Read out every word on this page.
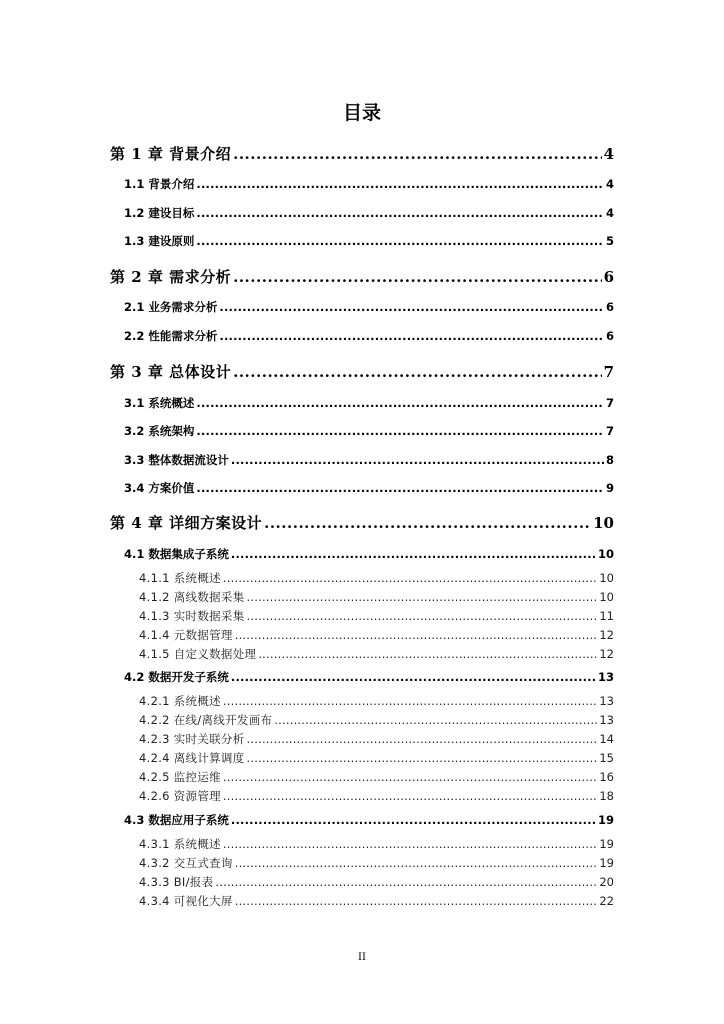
目录
第 1 章 背景介绍 .....	4
1.1 背景介绍 .....	4
1.2 建设目标 .....	4
1.3 建设原则 .....	5
第 2 章 需求分析 .....	6
2.1 业务需求分析 .....	6
2.2 性能需求分析 .....	6
第 3 章 总体设计 .....	7
3.1 系统概述 .....	7
3.2 系统架构 .....	7
3.3 整体数据流设计 .....	8
3.4 方案价值 .....	9
第 4 章 详细方案设计 .....	10
4.1 数据集成子系统 .....	10
4.1.1 系统概述 .....	10
4.1.2 离线数据采集 .....	10
4.1.3 实时数据采集 .....	11
4.1.4 元数据管理 .....	12
4.1.5 自定义数据处理 .....	12
4.2 数据开发子系统 .....	13
4.2.1 系统概述 .....	13
4.2.2 在线/离线开发画布 .....	13
4.2.3 实时关联分析 .....	14
4.2.4 离线计算调度 .....	15
4.2.5 监控运维 .....	16
4.2.6 资源管理 .....	18
4.3 数据应用子系统 .....	19
4.3.1 系统概述 .....	19
4.3.2 交互式查询 .....	19
4.3.3 BI/报表 .....	20
4.3.4 可视化大屏 .....	22
II
